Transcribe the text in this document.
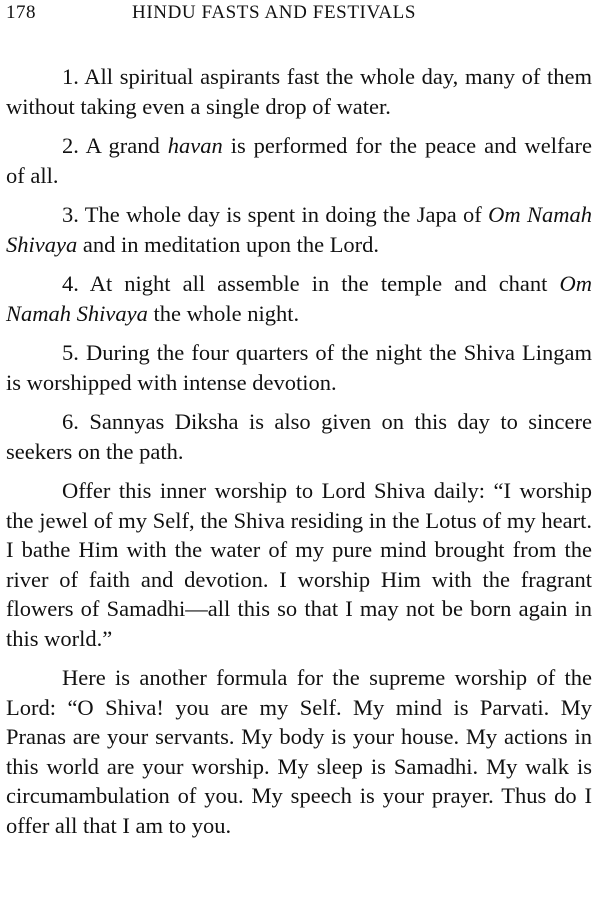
178	HINDU FASTS AND FESTIVALS

1. All spiritual aspirants fast the whole day, many of them without taking even a single drop of water.

2. A grand havan is performed for the peace and welfare of all.

3. The whole day is spent in doing the Japa of Om Namah Shivaya and in meditation upon the Lord.

4. At night all assemble in the temple and chant Om Namah Shivaya the whole night.

5. During the four quarters of the night the Shiva Lingam is worshipped with intense devotion.

6. Sannyas Diksha is also given on this day to sincere seekers on the path.

Offer this inner worship to Lord Shiva daily: “I worship the jewel of my Self, the Shiva residing in the Lotus of my heart. I bathe Him with the water of my pure mind brought from the river of faith and devotion. I worship Him with the fragrant flowers of Samadhi—all this so that I may not be born again in this world.”

Here is another formula for the supreme worship of the Lord: “O Shiva! you are my Self. My mind is Parvati. My Pranas are your servants. My body is your house. My actions in this world are your worship. My sleep is Samadhi. My walk is circumambulation of you. My speech is your prayer. Thus do I offer all that I am to you.
